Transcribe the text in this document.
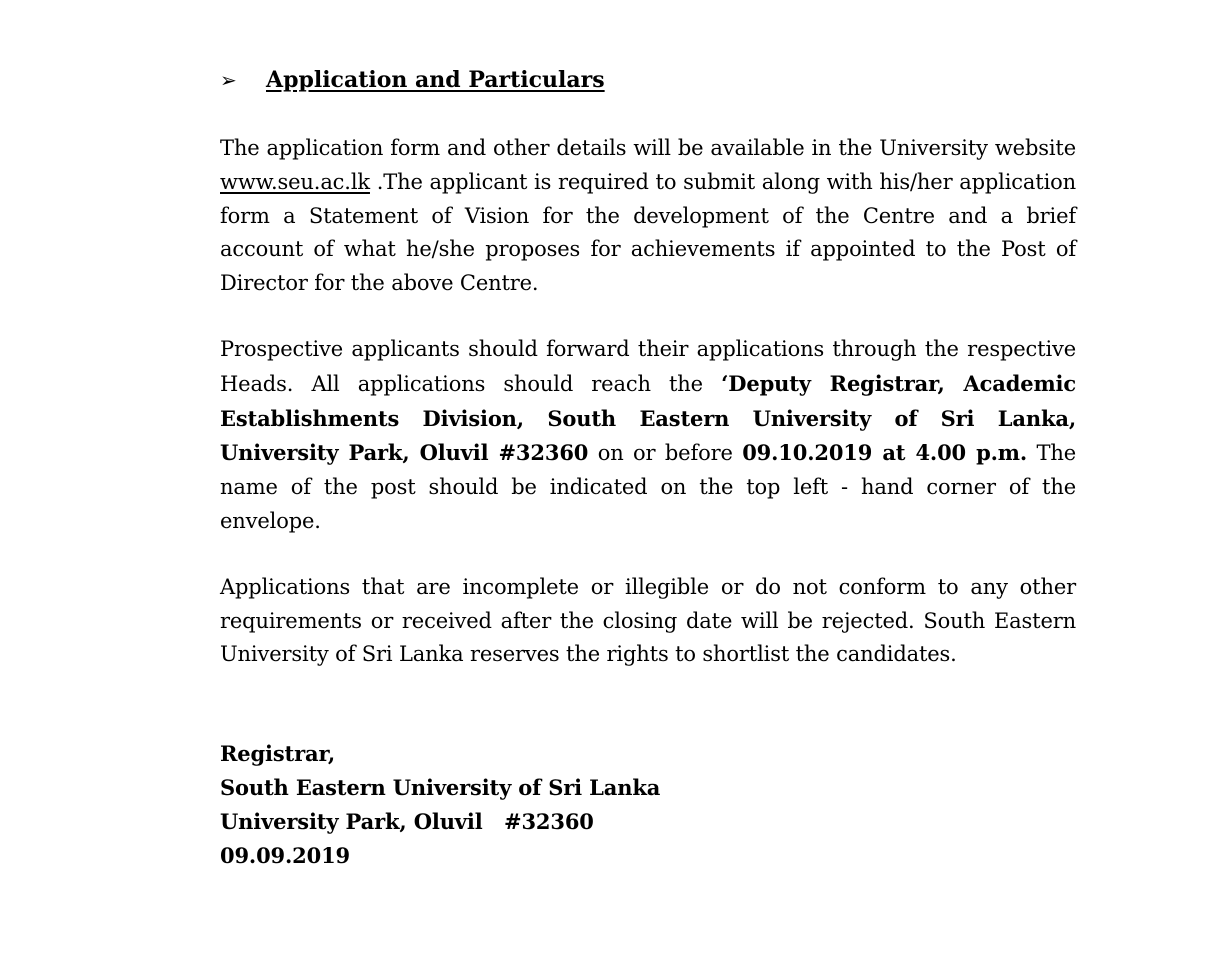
➢	Application and Particulars

The application form and other details will be available in the University website www.seu.ac.lk .The applicant is required to submit along with his/her application form a Statement of Vision for the development of the Centre and a brief account of what he/she proposes for achievements if appointed to the Post of Director for the above Centre.

Prospective applicants should forward their applications through the respective Heads. All applications should reach the ‘Deputy Registrar, Academic Establishments Division, South Eastern University of Sri Lanka, University Park, Oluvil #32360 on or before 09.10.2019 at 4.00 p.m. The name of the post should be indicated on the top left - hand corner of the envelope.

Applications that are incomplete or illegible or do not conform to any other requirements or received after the closing date will be rejected. South Eastern University of Sri Lanka reserves the rights to shortlist the candidates.

Registrar,
South Eastern University of Sri Lanka
University Park, Oluvil   #32360
09.09.2019
